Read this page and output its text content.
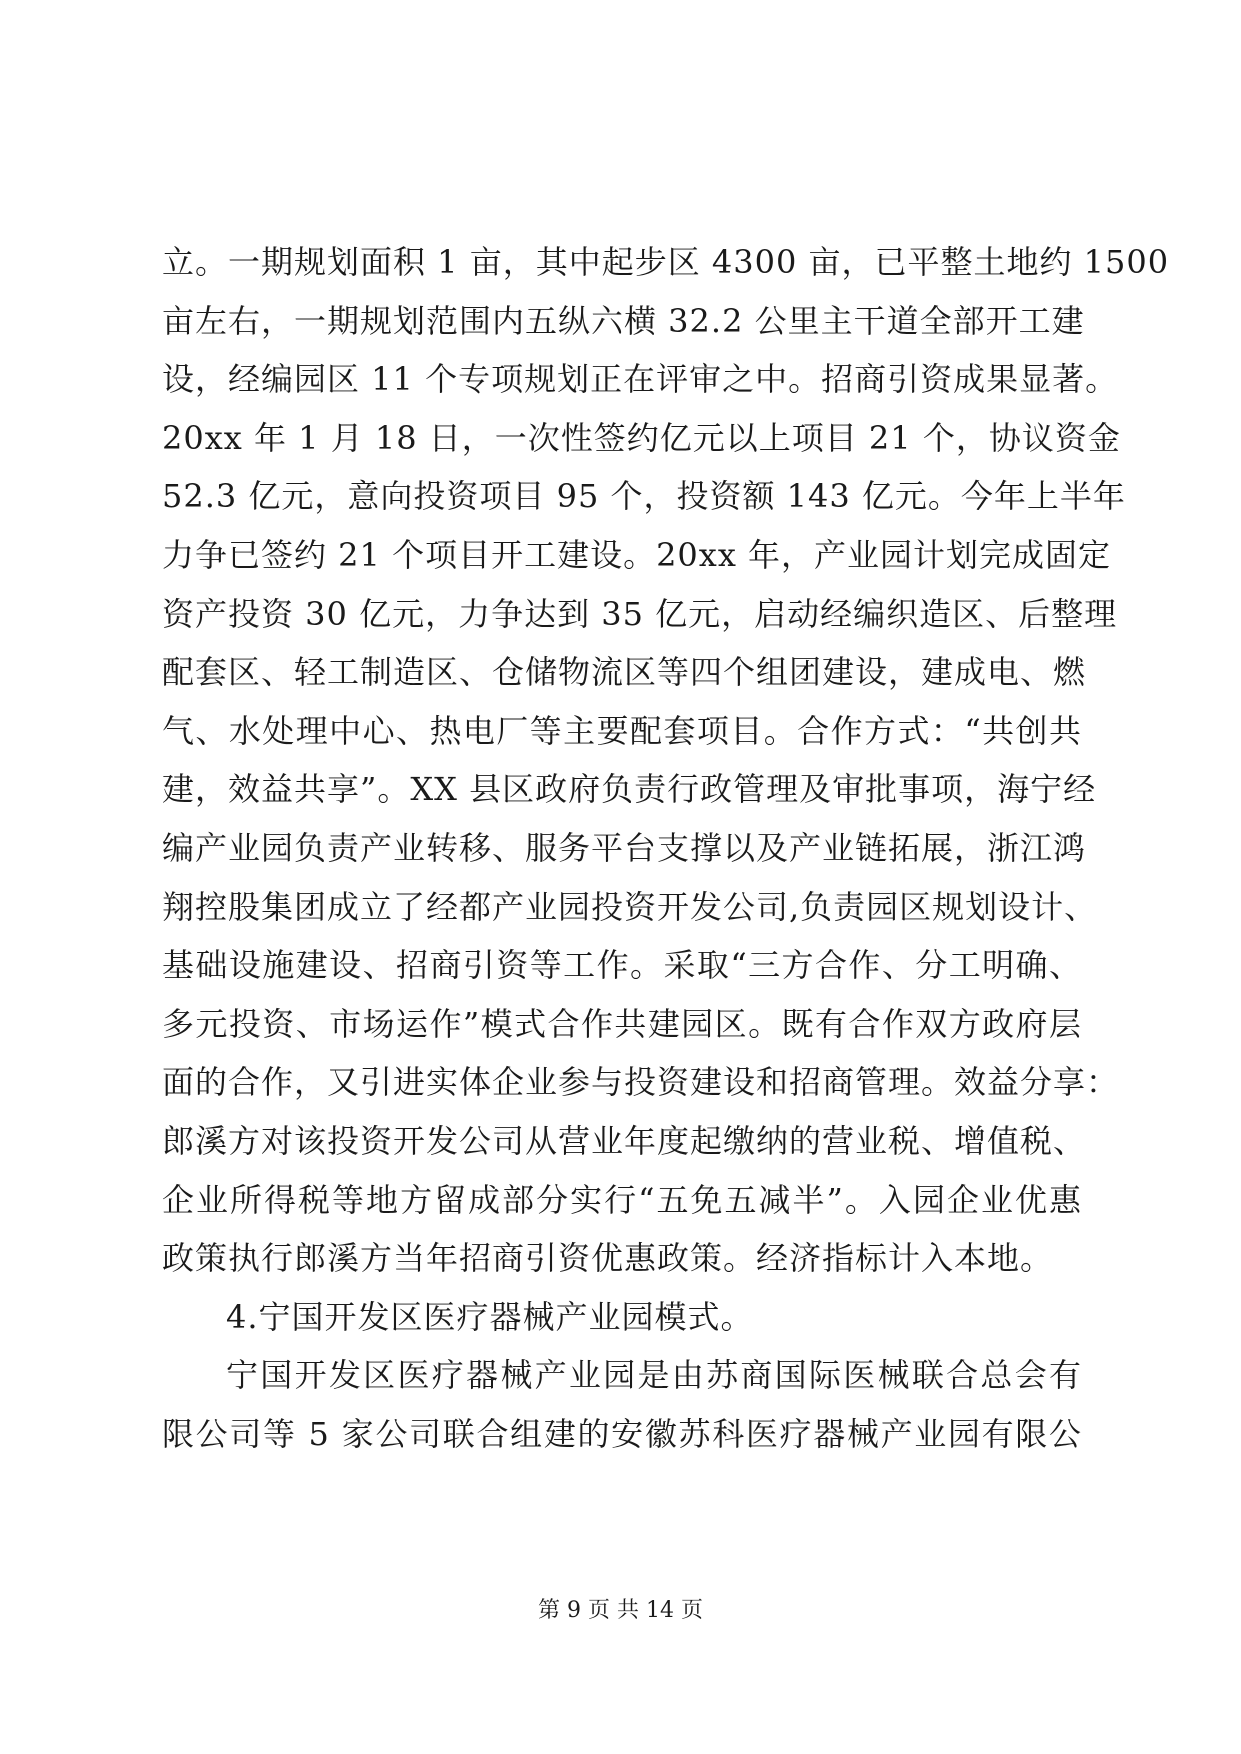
立。一期规划面积 1 亩，其中起步区 4300 亩，已平整土地约 1500
亩左右，一期规划范围内五纵六横 32.2 公里主干道全部开工建
设，经编园区 11 个专项规划正在评审之中。招商引资成果显著。
20xx 年 1 月 18 日，一次性签约亿元以上项目 21 个，协议资金
52.3 亿元，意向投资项目 95 个，投资额 143 亿元。今年上半年
力争已签约 21 个项目开工建设。20xx 年，产业园计划完成固定
资产投资 30 亿元，力争达到 35 亿元，启动经编织造区、后整理
配套区、轻工制造区、仓储物流区等四个组团建设，建成电、燃
气、水处理中心、热电厂等主要配套项目。合作方式：“共创共
建，效益共享”。XX 县区政府负责行政管理及审批事项，海宁经
编产业园负责产业转移、服务平台支撑以及产业链拓展，浙江鸿
翔控股集团成立了经都产业园投资开发公司,负责园区规划设计、
基础设施建设、招商引资等工作。采取“三方合作、分工明确、
多元投资、市场运作”模式合作共建园区。既有合作双方政府层
面的合作，又引进实体企业参与投资建设和招商管理。效益分享：
郎溪方对该投资开发公司从营业年度起缴纳的营业税、增值税、
企业所得税等地方留成部分实行“五免五减半”。入园企业优惠
政策执行郎溪方当年招商引资优惠政策。经济指标计入本地。
4.宁国开发区医疗器械产业园模式。
宁国开发区医疗器械产业园是由苏商国际医械联合总会有
限公司等 5 家公司联合组建的安徽苏科医疗器械产业园有限公
第 9 页 共 14 页
